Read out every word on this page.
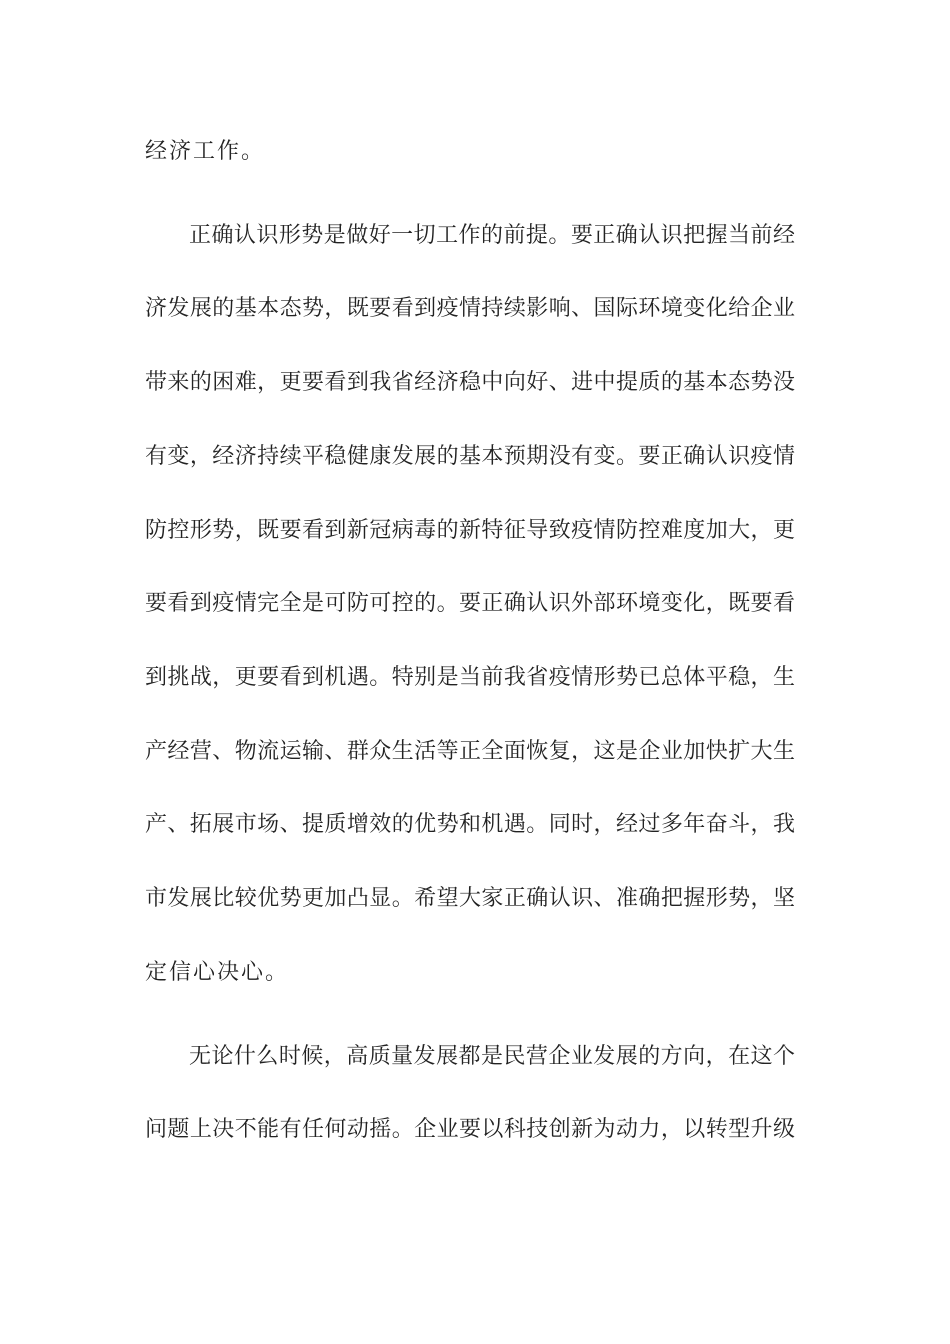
经济工作。
正确认识形势是做好一切工作的前提。要正确认识把握当前经
济发展的基本态势，既要看到疫情持续影响、国际环境变化给企业
带来的困难，更要看到我省经济稳中向好、进中提质的基本态势没
有变，经济持续平稳健康发展的基本预期没有变。要正确认识疫情
防控形势，既要看到新冠病毒的新特征导致疫情防控难度加大，更
要看到疫情完全是可防可控的。要正确认识外部环境变化，既要看
到挑战，更要看到机遇。特别是当前我省疫情形势已总体平稳，生
产经营、物流运输、群众生活等正全面恢复，这是企业加快扩大生
产、拓展市场、提质增效的优势和机遇。同时，经过多年奋斗，我
市发展比较优势更加凸显。希望大家正确认识、准确把握形势，坚
定信心决心。
无论什么时候，高质量发展都是民营企业发展的方向，在这个
问题上决不能有任何动摇。企业要以科技创新为动力，以转型升级
